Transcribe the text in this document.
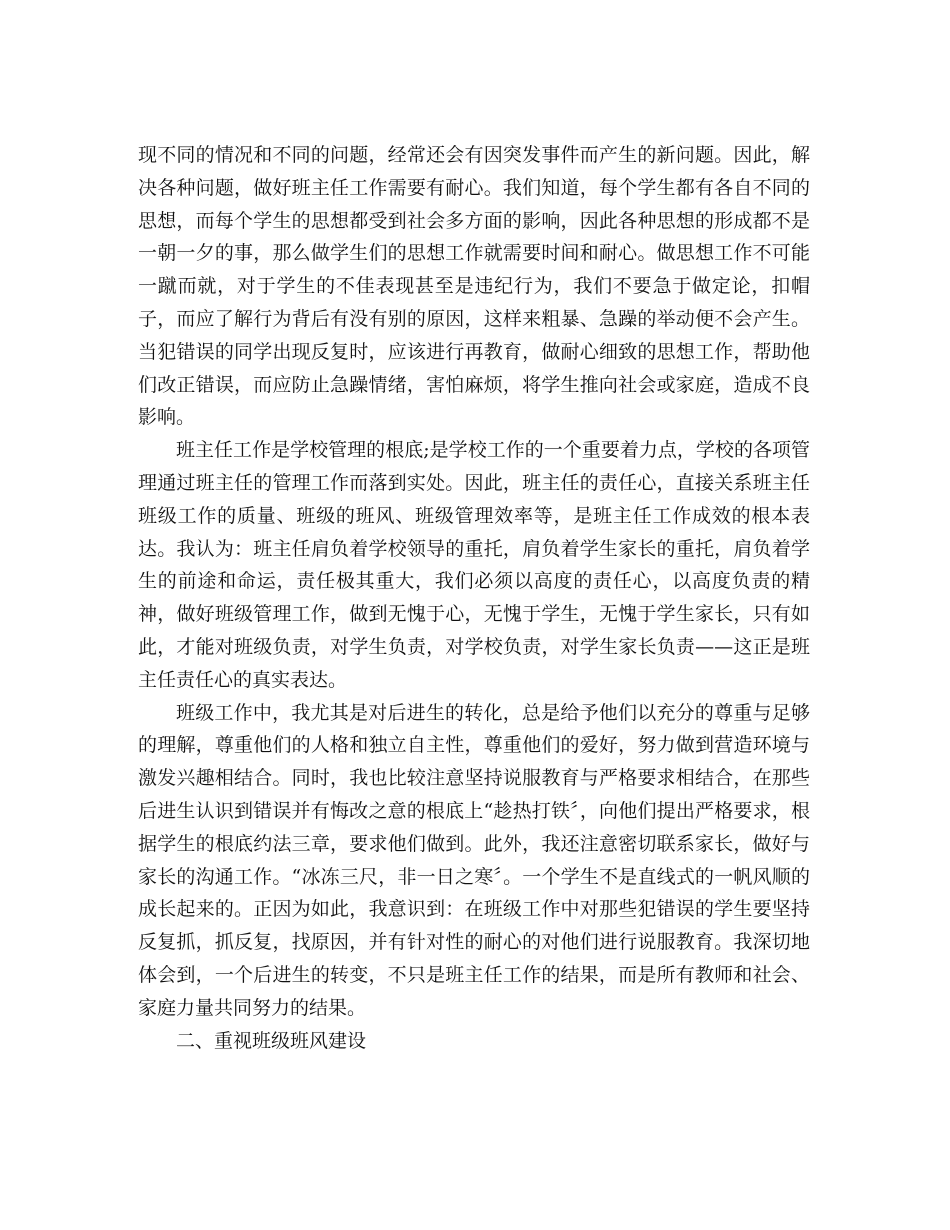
现不同的情况和不同的问题，经常还会有因突发事件而产生的新问题。因此，解决各种问题，做好班主任工作需要有耐心。我们知道，每个学生都有各自不同的思想，而每个学生的思想都受到社会多方面的影响，因此各种思想的形成都不是一朝一夕的事，那么做学生们的思想工作就需要时间和耐心。做思想工作不可能一蹴而就，对于学生的不佳表现甚至是违纪行为，我们不要急于做定论，扣帽子，而应了解行为背后有没有别的原因，这样来粗暴、急躁的举动便不会产生。当犯错误的同学出现反复时，应该进行再教育，做耐心细致的思想工作，帮助他们改正错误，而应防止急躁情绪，害怕麻烦，将学生推向社会或家庭，造成不良影响。

班主任工作是学校管理的根底;是学校工作的一个重要着力点，学校的各项管理通过班主任的管理工作而落到实处。因此，班主任的责任心，直接关系班主任班级工作的质量、班级的班风、班级管理效率等，是班主任工作成效的根本表达。我认为：班主任肩负着学校领导的重托，肩负着学生家长的重托，肩负着学生的前途和命运，责任极其重大，我们必须以高度的责任心，以高度负责的精神，做好班级管理工作，做到无愧于心，无愧于学生，无愧于学生家长，只有如此，才能对班级负责，对学生负责，对学校负责，对学生家长负责——这正是班主任责任心的真实表达。

班级工作中，我尤其是对后进生的转化，总是给予他们以充分的尊重与足够的理解，尊重他们的人格和独立自主性，尊重他们的爱好，努力做到营造环境与激发兴趣相结合。同时，我也比较注意坚持说服教育与严格要求相结合，在那些后进生认识到错误并有悔改之意的根底上“趁热打铁〞，向他们提出严格要求，根据学生的根底约法三章，要求他们做到。此外，我还注意密切联系家长，做好与家长的沟通工作。“冰冻三尺，非一日之寒〞。一个学生不是直线式的一帆风顺的成长起来的。正因为如此，我意识到：在班级工作中对那些犯错误的学生要坚持反复抓，抓反复，找原因，并有针对性的耐心的对他们进行说服教育。我深切地体会到，一个后进生的转变，不只是班主任工作的结果，而是所有教师和社会、家庭力量共同努力的结果。

二、重视班级班风建设
